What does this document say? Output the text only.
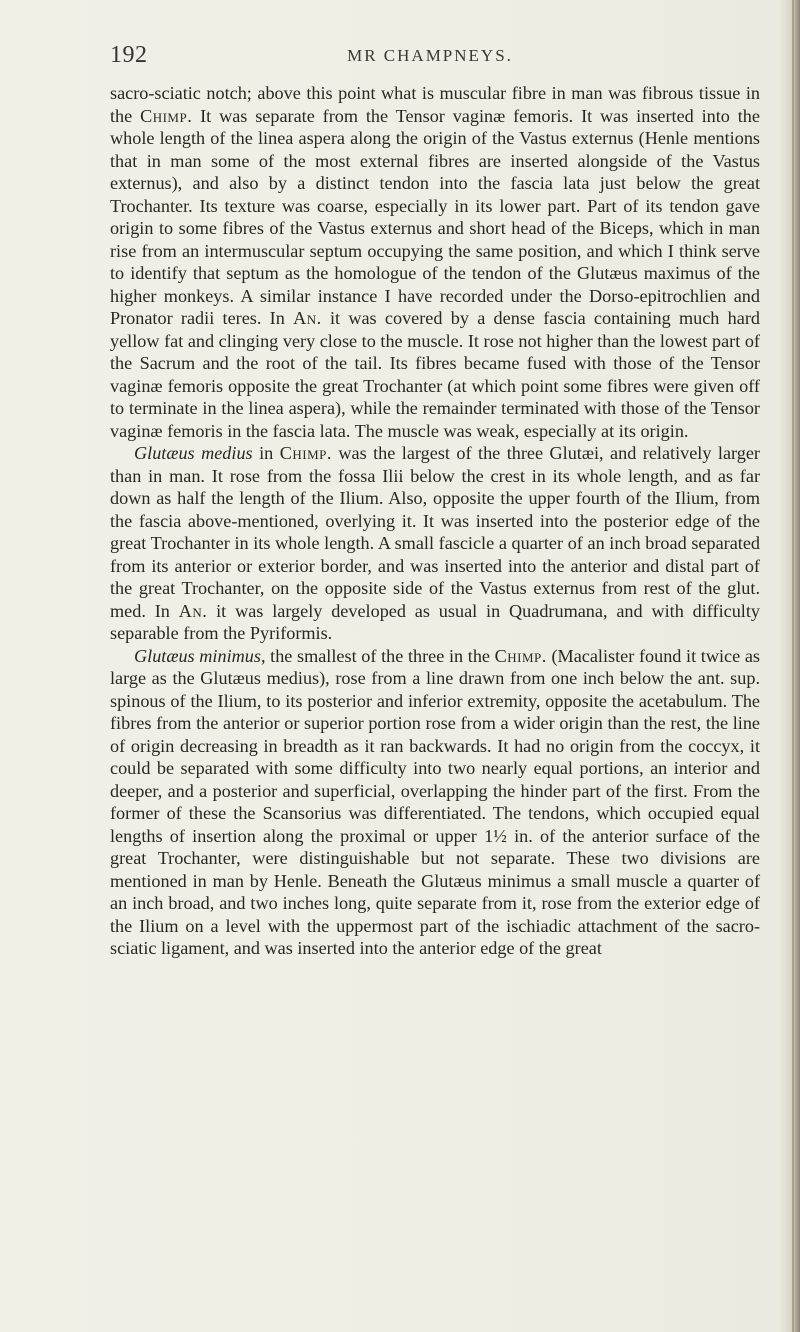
192	MR CHAMPNEYS.

sacro-sciatic notch; above this point what is muscular fibre in man was fibrous tissue in the Chimp. It was separate from the Tensor vaginæ femoris. It was inserted into the whole length of the linea aspera along the origin of the Vastus externus (Henle mentions that in man some of the most external fibres are inserted alongside of the Vastus externus), and also by a distinct tendon into the fascia lata just below the great Trochanter. Its texture was coarse, especially in its lower part. Part of its tendon gave origin to some fibres of the Vastus externus and short head of the Biceps, which in man rise from an intermuscular septum occupying the same position, and which I think serve to identify that septum as the homologue of the tendon of the Glutæus maximus of the higher monkeys. A similar instance I have recorded under the Dorso-epitrochlien and Pronator radii teres. In An. it was covered by a dense fascia containing much hard yellow fat and clinging very close to the muscle. It rose not higher than the lowest part of the Sacrum and the root of the tail. Its fibres became fused with those of the Tensor vaginæ femoris opposite the great Trochanter (at which point some fibres were given off to terminate in the linea aspera), while the remainder terminated with those of the Tensor vaginæ femoris in the fascia lata. The muscle was weak, especially at its origin.

Glutæus medius in Chimp. was the largest of the three Glutæi, and relatively larger than in man. It rose from the fossa Ilii below the crest in its whole length, and as far down as half the length of the Ilium. Also, opposite the upper fourth of the Ilium, from the fascia above-mentioned, overlying it. It was inserted into the posterior edge of the great Trochanter in its whole length. A small fascicle a quarter of an inch broad separated from its anterior or exterior border, and was inserted into the anterior and distal part of the great Trochanter, on the opposite side of the Vastus externus from rest of the glut. med. In An. it was largely developed as usual in Quadrumana, and with difficulty separable from the Pyriformis.

Glutæus minimus, the smallest of the three in the Chimp. (Macalister found it twice as large as the Glutæus medius), rose from a line drawn from one inch below the ant. sup. spinous of the Ilium, to its posterior and inferior extremity, opposite the acetabulum. The fibres from the anterior or superior portion rose from a wider origin than the rest, the line of origin decreasing in breadth as it ran backwards. It had no origin from the coccyx, it could be separated with some difficulty into two nearly equal portions, an interior and deeper, and a posterior and superficial, overlapping the hinder part of the first. From the former of these the Scansorius was differentiated. The tendons, which occupied equal lengths of insertion along the proximal or upper 1½ in. of the anterior surface of the great Trochanter, were distinguishable but not separate. These two divisions are mentioned in man by Henle. Beneath the Glutæus minimus a small muscle a quarter of an inch broad, and two inches long, quite separate from it, rose from the exterior edge of the Ilium on a level with the uppermost part of the ischiadic attachment of the sacro-sciatic ligament, and was inserted into the anterior edge of the great
